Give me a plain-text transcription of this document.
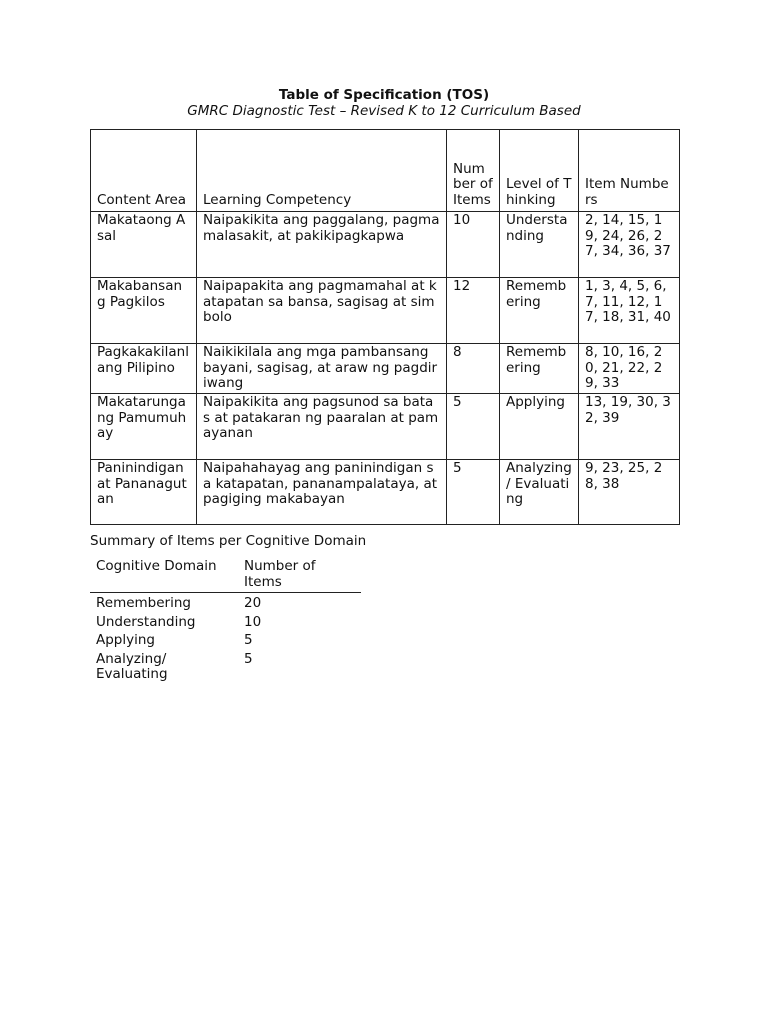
Table of Specification (TOS)
GMRC Diagnostic Test – Revised K to 12 Curriculum Based
Content Area	Learning Competency	Number of Items	Level of Thinking	Item Numbers
Makataong Asal	Naipakikita ang paggalang, pagmamalasakit, at pakikipagkapwa	10	Understanding	2, 14, 15, 19, 24, 26, 27, 34, 36, 37
Makabansang Pagkilos	Naipapakita ang pagmamahal at katapatan sa bansa, sagisag at simbolo	12	Remembering	1, 3, 4, 5, 6, 7, 11, 12, 17, 18, 31, 40
Pagkakakilanlang Pilipino	Naikikilala ang mga pambansang bayani, sagisag, at araw ng pagdiriwang	8	Remembering	8, 10, 16, 20, 21, 22, 29, 33
Makatarungang Pamumuhay	Naipakikita ang pagsunod sa batas at patakaran ng paaralan at pamayanan	5	Applying	13, 19, 30, 32, 39
Paninindigan at Pananagutan	Naipahahayag ang paninindigan sa katapatan, pananampalataya, at pagiging makabayan	5	Analyzing / Evaluating	9, 23, 25, 28, 38
Summary of Items per Cognitive Domain
Cognitive Domain	Number of Items
Remembering	20
Understanding	10
Applying	5
Analyzing/ Evaluating	5
